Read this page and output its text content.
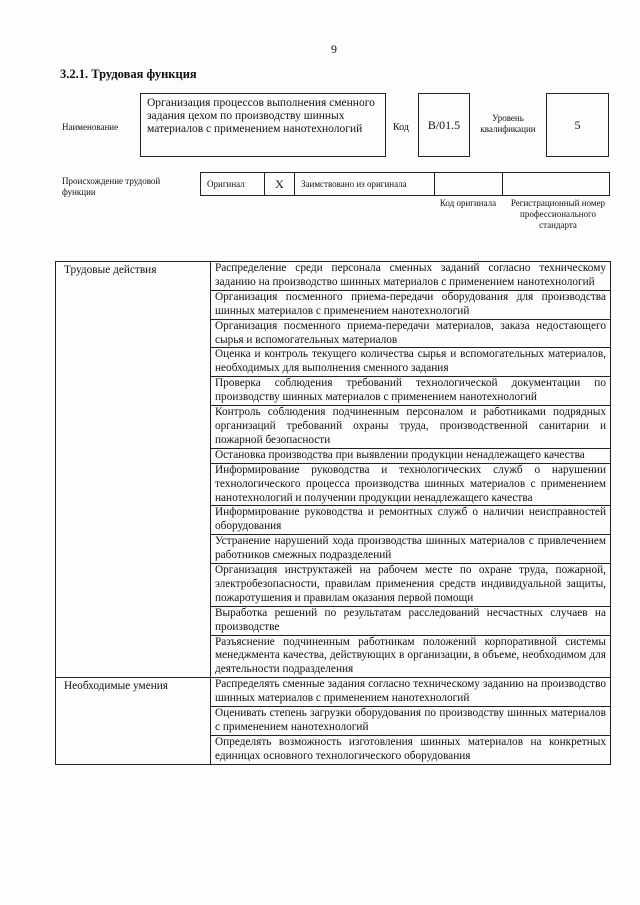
9
3.2.1. Трудовая функция
Наименование
Организация процессов выполнения сменного задания цехом по производству шинных материалов с применением нанотехнологий	Код	B/01.5	Уровень квалификации	5
Происхождение трудовой функции
Оригинал	X	Заимствовано из оригинала
Код оригинала	Регистрационный номер профессионального стандарта
Трудовые действия	Распределение среди персонала сменных заданий согласно техническому заданию на производство шинных материалов с применением нанотехнологий
	Организация посменного приема-передачи оборудования для производства шинных материалов с применением нанотехнологий
	Организация посменного приема-передачи материалов, заказа недостающего сырья и вспомогательных материалов
	Оценка и контроль текущего количества сырья и вспомогательных материалов, необходимых для выполнения сменного задания
	Проверка соблюдения требований технологической документации по производству шинных материалов с применением нанотехнологий
	Контроль соблюдения подчиненным персоналом и работниками подрядных организаций требований охраны труда, производственной санитарии и пожарной безопасности
	Остановка производства при выявлении продукции ненадлежащего качества
	Информирование руководства и технологических служб о нарушении технологического процесса производства шинных материалов с применением нанотехнологий и получении продукции ненадлежащего качества
	Информирование руководства и ремонтных служб о наличии неисправностей оборудования
	Устранение нарушений хода производства шинных материалов с привлечением работников смежных подразделений
	Организация инструктажей на рабочем месте по охране труда, пожарной, электробезопасности, правилам применения средств индивидуальной защиты, пожаротушения и правилам оказания первой помощи
	Выработка решений по результатам расследований несчастных случаев на производстве
	Разъяснение подчиненным работникам положений корпоративной системы менеджмента качества, действующих в организации, в объеме, необходимом для деятельности подразделения
Необходимые умения	Распределять сменные задания согласно техническому заданию на производство шинных материалов с применением нанотехнологий
	Оценивать степень загрузки оборудования по производству шинных материалов с применением нанотехнологий
	Определять возможность изготовления шинных материалов на конкретных единицах основного технологического оборудования
